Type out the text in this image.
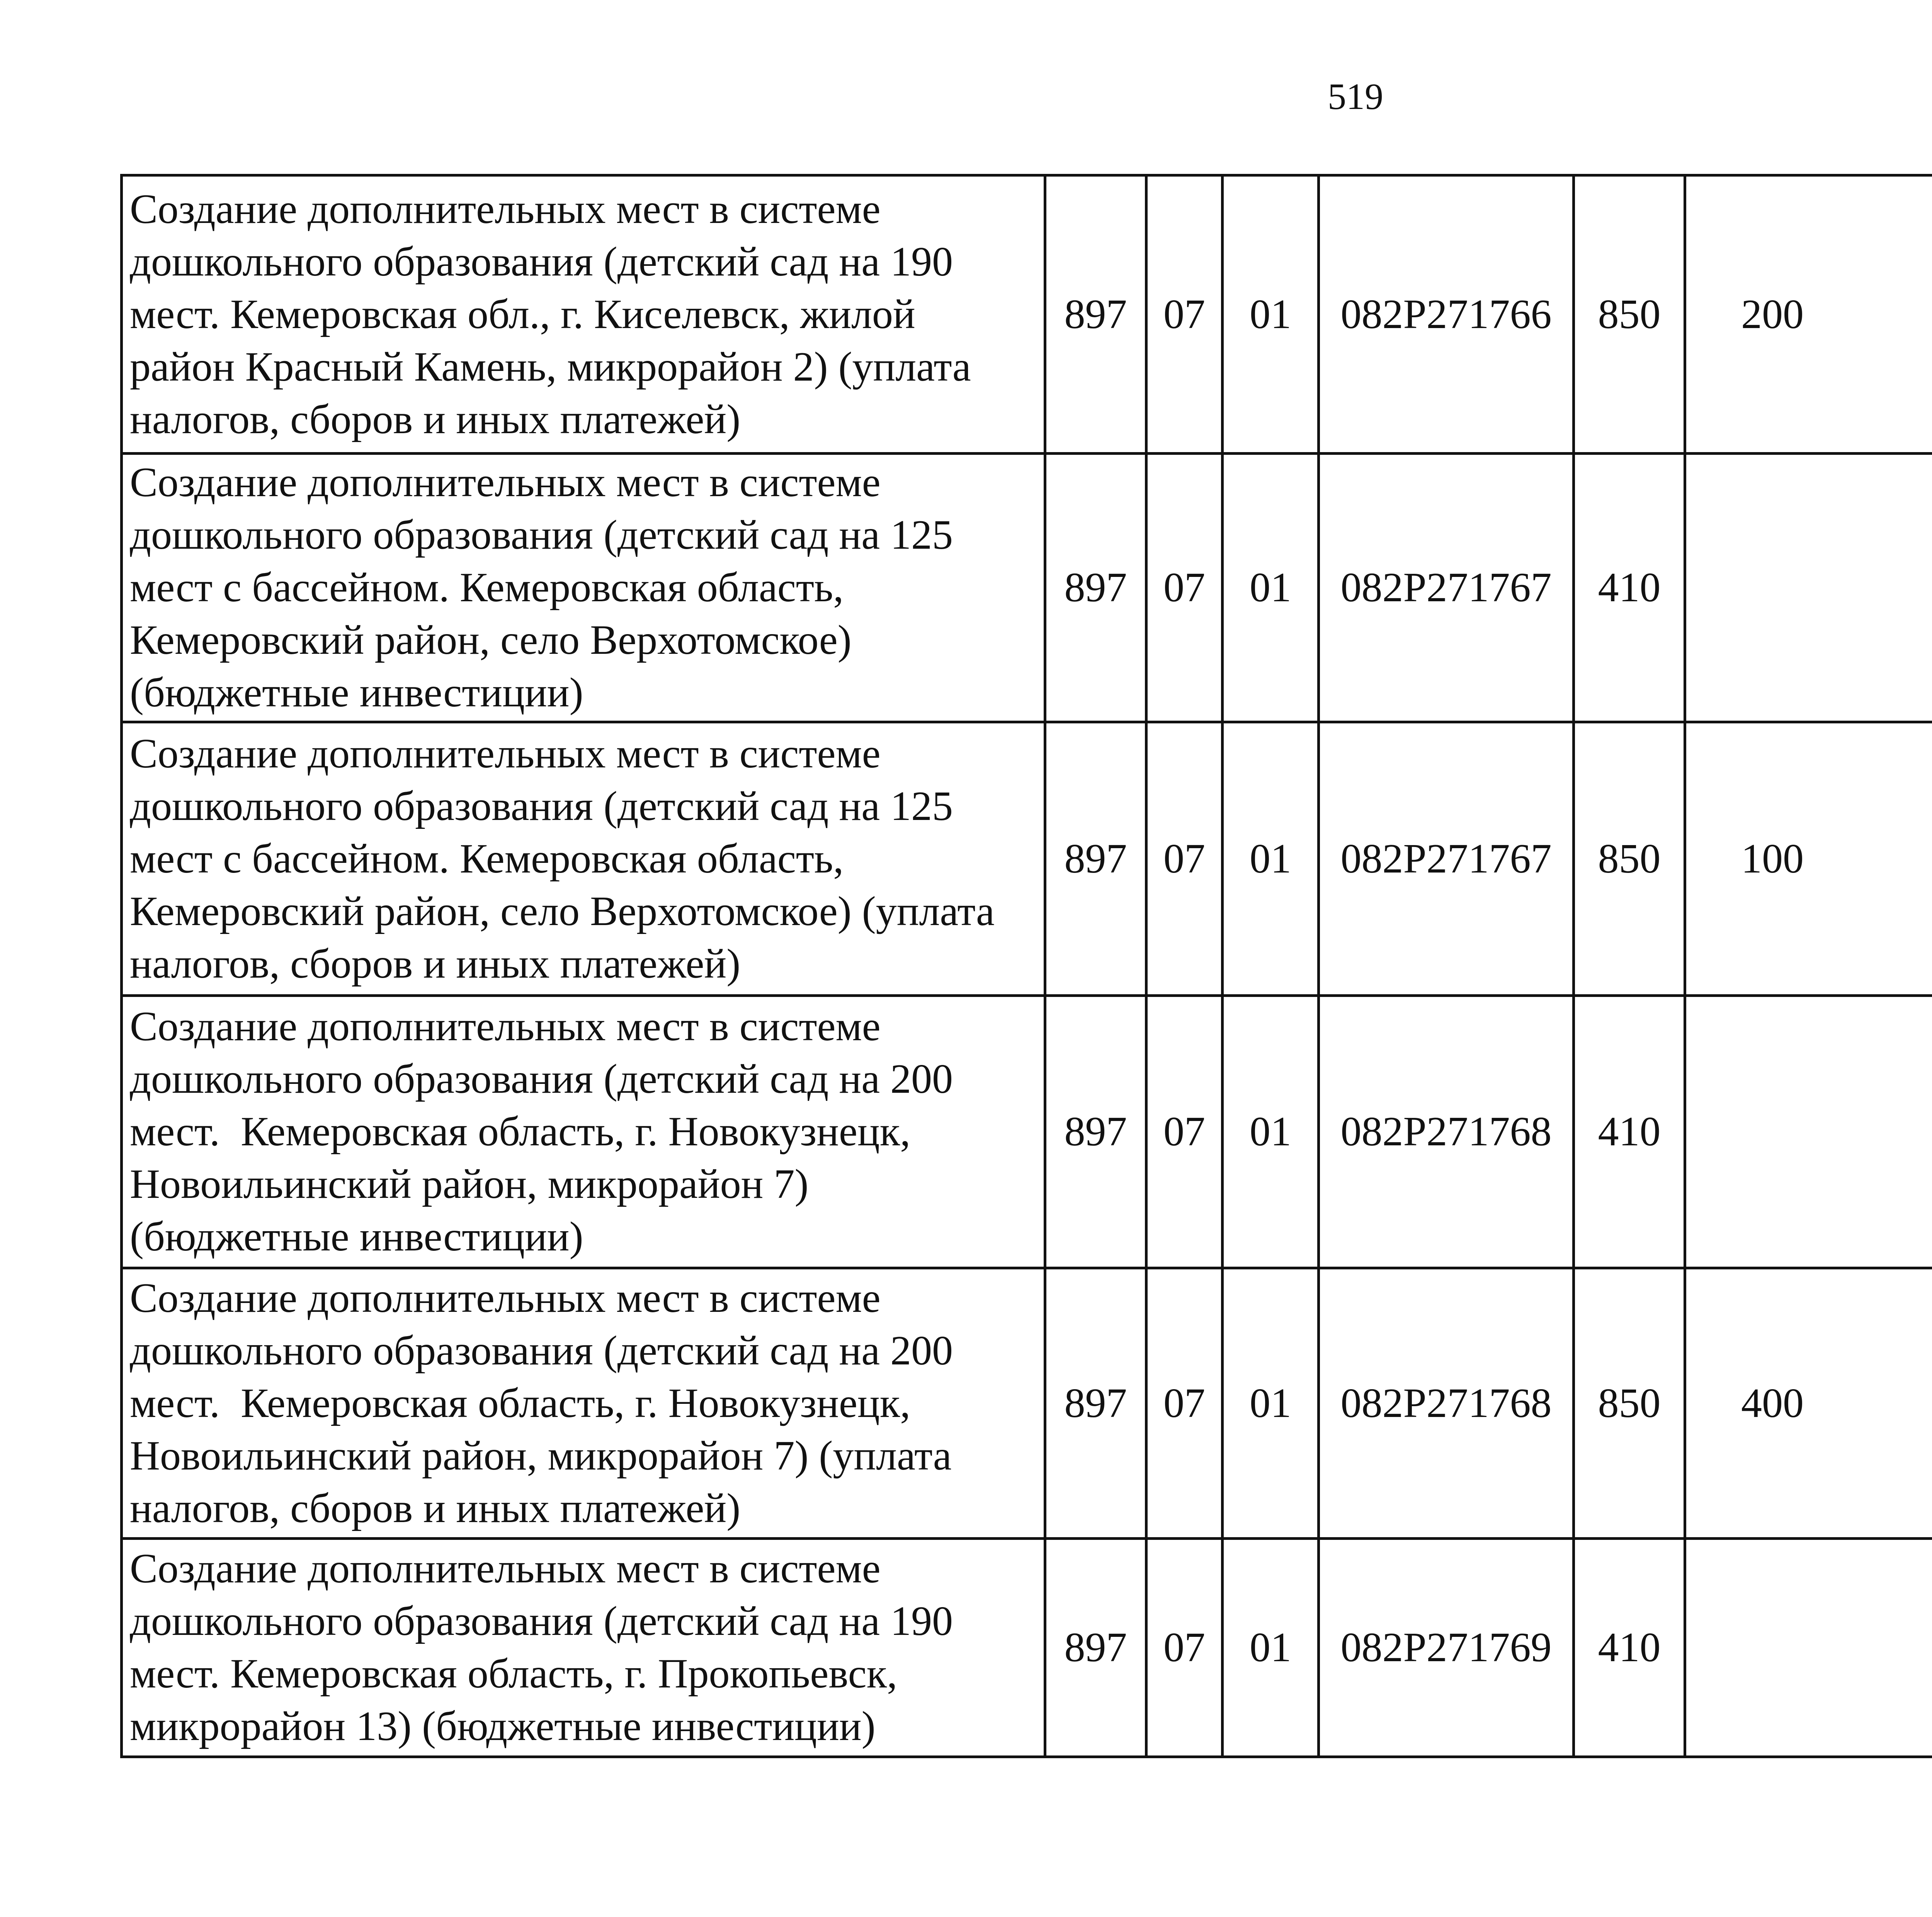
519
Создание дополнительных мест в системе
дошкольного образования (детский сад на 190
мест. Кемеровская обл., г. Киселевск, жилой
район Красный Камень, микрорайон 2) (уплата
налогов, сборов и иных платежей)	897	07	01	082P271766	850	200		

Создание дополнительных мест в системе
дошкольного образования (детский сад на 125
мест с бассейном. Кемеровская область,
Кемеровский район, село Верхотомское)
(бюджетные инвестиции)	897	07	01	082P271767	410			

Создание дополнительных мест в системе
дошкольного образования (детский сад на 125
мест с бассейном. Кемеровская область,
Кемеровский район, село Верхотомское) (уплата
налогов, сборов и иных платежей)	897	07	01	082P271767	850	100		

Создание дополнительных мест в системе
дошкольного образования (детский сад на 200
мест.  Кемеровская область, г. Новокузнецк,
Новоильинский район, микрорайон 7)
(бюджетные инвестиции)	897	07	01	082P271768	410			

Создание дополнительных мест в системе
дошкольного образования (детский сад на 200
мест.  Кемеровская область, г. Новокузнецк,
Новоильинский район, микрорайон 7) (уплата
налогов, сборов и иных платежей)	897	07	01	082P271768	850	400		

Создание дополнительных мест в системе
дошкольного образования (детский сад на 190
мест. Кемеровская область, г. Прокопьевск,
микрорайон 13) (бюджетные инвестиции)	897	07	01	082P271769	410			
